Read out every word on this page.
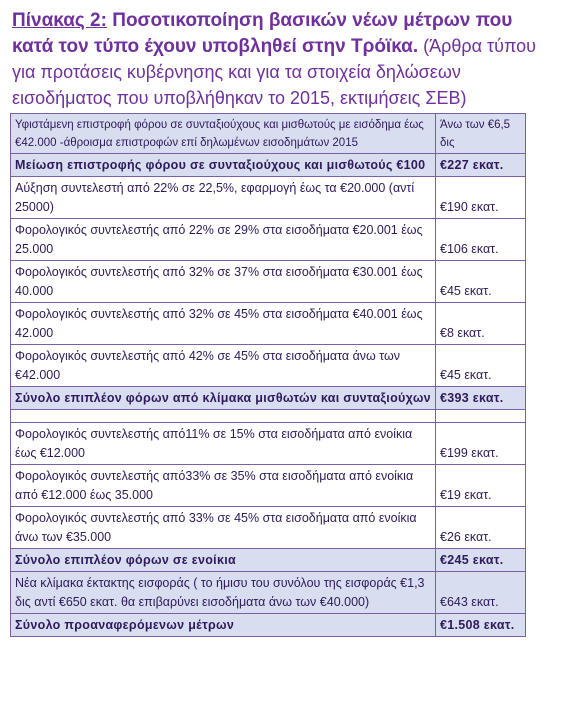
Πίνακας 2: Ποσοτικοποίηση βασικών νέων μέτρων που κατά τον τύπο έχουν υποβληθεί στην Τρόϊκα. (Άρθρα τύπου για προτάσεις κυβέρνησης και για τα στοιχεία δηλώσεων εισοδήματος που υποβλήθηκαν το 2015, εκτιμήσεις ΣΕΒ)
Υφιστάμενη επιστροφή φόρου σε συνταξιούχους και μισθωτούς με εισόδημα έως €42.000 -άθροισμα επιστροφών επί δηλωμένων εισοδημάτων 2015	Άνω των €6,5 δις
Μείωση επιστροφής φόρου σε συνταξιούχους και μισθωτούς €100	€227 εκατ.
Αύξηση συντελεστή από 22% σε 22,5%, εφαρμογή έως τα €20.000 (αντί 25000)	€190 εκατ.
Φορολογικός συντελεστής από 22% σε 29% στα εισοδήματα €20.001 έως 25.000	€106 εκατ.
Φορολογικός συντελεστής από 32% σε 37% στα εισοδήματα €30.001 έως 40.000	€45 εκατ.
Φορολογικός συντελεστής από 32% σε 45% στα εισοδήματα €40.001 έως 42.000	€8 εκατ.
Φορολογικός συντελεστής από 42% σε 45% στα εισοδήματα άνω των €42.000	€45 εκατ.
Σύνολο επιπλέον φόρων από κλίμακα μισθωτών και συνταξιούχων	€393 εκατ.

Φορολογικός συντελεστής από11% σε 15% στα εισοδήματα από ενοίκια έως €12.000	€199 εκατ.
Φορολογικός συντελεστής από33% σε 35% στα εισοδήματα από ενοίκια από €12.000 έως 35.000	€19 εκατ.
Φορολογικός συντελεστής από 33% σε 45% στα εισοδήματα από ενοίκια άνω των €35.000	€26 εκατ.
Σύνολο επιπλέον φόρων σε ενοίκια	€245 εκατ.
Νέα κλίμακα έκτακτης εισφοράς ( το ήμισυ του συνόλου της εισφοράς €1,3 δις αντί €650 εκατ. θα επιβαρύνει εισοδήματα άνω των €40.000)	€643 εκατ.
Σύνολο προαναφερόμενων μέτρων	€1.508 εκατ.
